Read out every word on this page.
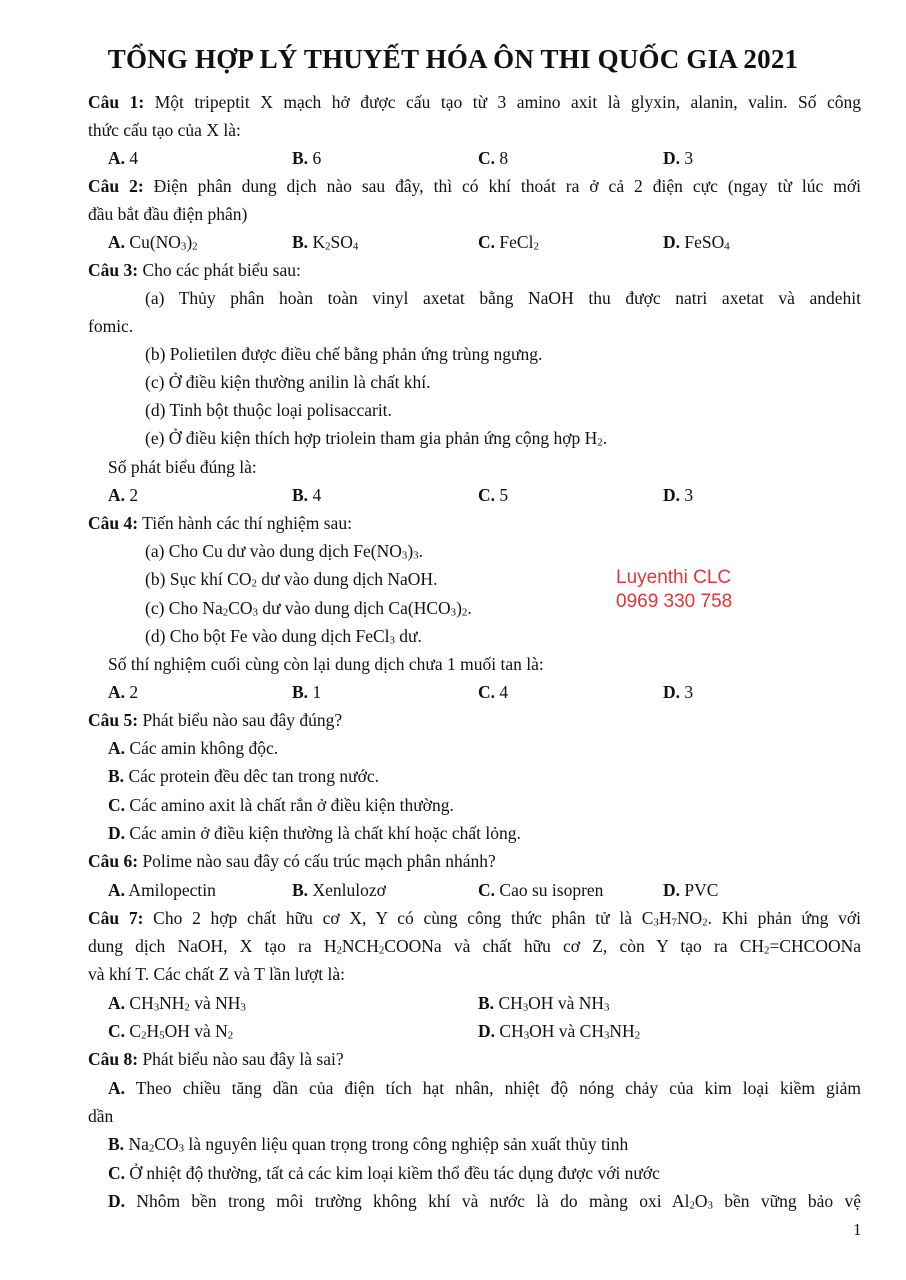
TỔNG HỢP LÝ THUYẾT HÓA ÔN THI QUỐC GIA 2021
Câu 1: Một tripeptit X mạch hở được cấu tạo từ 3 amino axit là glyxin, alanin, valin. Số công
thức cấu tạo của X là:
A. 4	B. 6	C. 8	D. 3
Câu 2: Điện phân dung dịch nào sau đây, thì có khí thoát ra ở cả 2 điện cực (ngay từ lúc mới
đầu bắt đầu điện phân)
A. $Cu(NO_3)_2$	B. $K_2SO_4$	C. FeCl$_2$	D. FeSO$_4$
Câu 3: Cho các phát biểu sau:
(a) Thủy phân hoàn toàn vinyl axetat bằng NaOH thu được natri axetat và andehit
fomic.
(b) Polietilen được điều chế bằng phản ứng trùng ngưng.
(c) Ở điều kiện thường anilin là chất khí.
(d) Tinh bột thuộc loại polisaccarit.
(e) Ở điều kiện thích hợp triolein tham gia phản ứng cộng hợp $H_2$.
Số phát biểu đúng là:
A. 2	B. 4	C. 5	D. 3
Câu 4: Tiến hành các thí nghiệm sau:
(a) Cho Cu dư vào dung dịch $Fe(NO_3)_3$.
(b) Sục khí $CO_2$ dư vào dung dịch NaOH.
(c) Cho $Na_2CO_3$ dư vào dung dịch $Ca(HCO_3)_2$.
(d) Cho bột Fe vào dung dịch FeCl$_3$ dư.
Luyenthi CLC
0969 330 758
Số thí nghiệm cuối cùng còn lại dung dịch chưa 1 muối tan là:
A. 2	B. 1	C. 4	D. 3
Câu 5: Phát biểu nào sau đây đúng?
A. Các amin không độc.
B. Các protein đều dêc tan trong nước.
C. Các amino axit là chất rắn ở điều kiện thường.
D. Các amin ở điều kiện thường là chất khí hoặc chất lỏng.
Câu 6: Polime nào sau đây có cấu trúc mạch phân nhánh?
A. Amilopectin	B. Xenlulozơ	C. Cao su isopren	D. PVC
Câu 7: Cho 2 hợp chất hữu cơ X, Y có cùng công thức phân tử là $C_3H_7NO_2$. Khi phản ứng với
dung dịch NaOH, X tạo ra $H_2NCH_2COONa$ và chất hữu cơ Z, còn Y tạo ra $CH_2=CHCOONa$
và khí T. Các chất Z và T lần lượt là:
A. $CH_3NH_2$ và $NH_3$	B. $CH_3OH$ và $NH_3$
C. $C_2H_5OH$ và $N_2$	D. $CH_3OH$ và $CH_3NH_2$
Câu 8: Phát biểu nào sau đây là sai?
A. Theo chiều tăng dần của điện tích hạt nhân, nhiệt độ nóng chảy của kim loại kiềm giảm
dần
B. $Na_2CO_3$ là nguyên liệu quan trọng trong công nghiệp sản xuất thủy tinh
C. Ở nhiệt độ thường, tất cả các kim loại kiềm thổ đều tác dụng được với nước
D. Nhôm bền trong môi trường không khí và nước là do màng oxi $Al_2O_3$ bền vững bảo vệ
1
